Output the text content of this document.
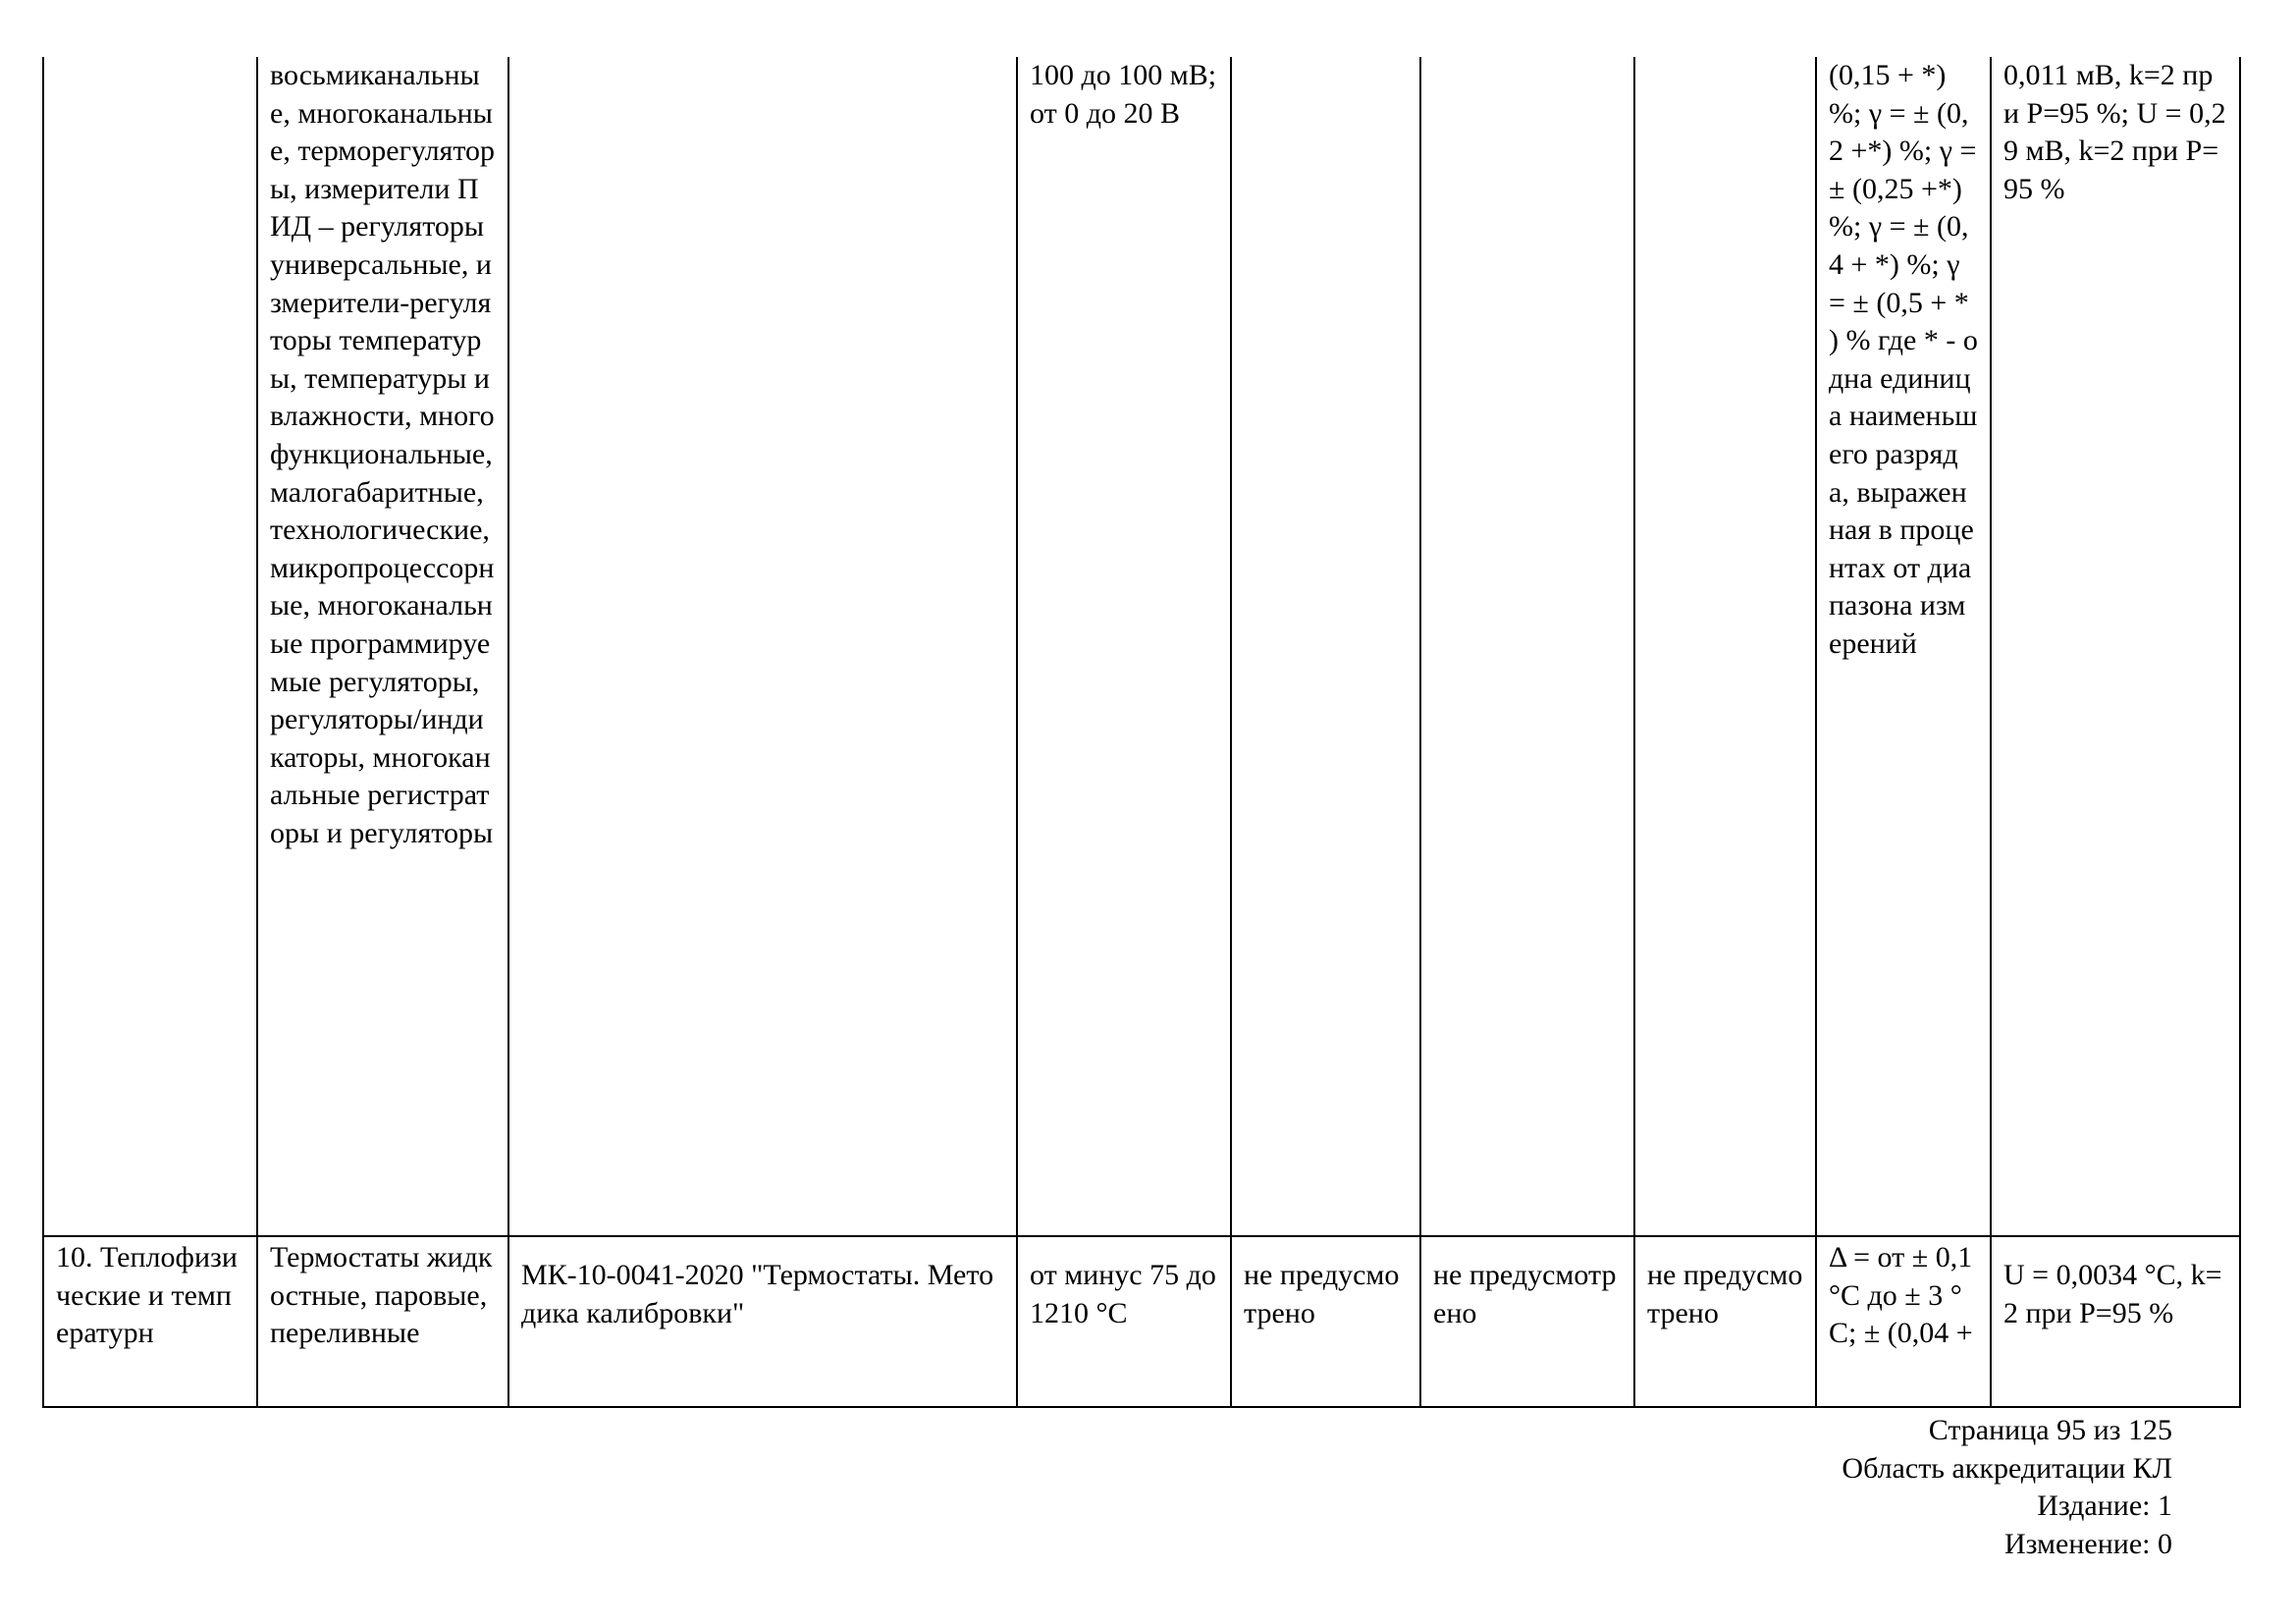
	восьмиканальные, многоканальные, терморегуляторы, измерители ПИД – регуляторы универсальные, измерители-регуляторы температуры, температуры и влажности, многофункциональные, малогабаритные, технологические, микропроцессорные, многоканальные программируемые регуляторы, регуляторы/индикаторы, многоканальные регистраторы и регуляторы		100 до 100 мВ; от 0 до 20 В				(0,15 + *) %; γ = ± (0,2 +*) %; γ = ± (0,25 +*) %; γ = ± (0,4 + *) %; γ = ± (0,5 + * ) % где * - одна единица наименьшего разряда, выраженная в процентах от диапазона измерений	0,011 мВ, k=2 при P=95 %; U = 0,29 мВ, k=2 при P=95 %
10. Теплофизические и температурн	Термостаты жидкостные, паровые, переливные	МК-10-0041-2020 "Термостаты. Методика калибровки"	от минус 75 до 1210 °С	не предусмотрено	не предусмотрено	не предусмотрено	Δ = от ± 0,1 °С до ± 3 °С; ± (0,04 +	U = 0,0034 °С, k=2 при P=95 %
Страница 95 из 125
Область аккредитации КЛ
Издание: 1
Изменение: 0
